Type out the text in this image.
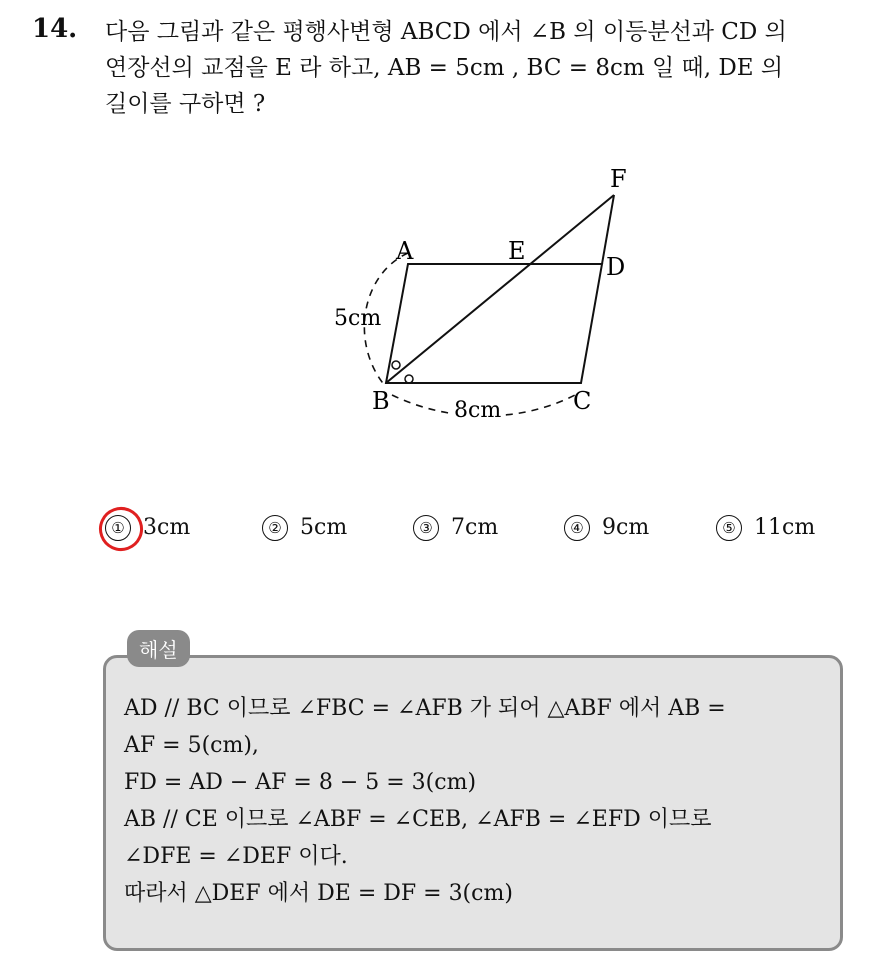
14. 다음 그림과 같은 평행사변형 ABCD 에서 ∠B 의 이등분선과 CD 의
연장선의 교점을 E 라 하고, AB = 5cm , BC = 8cm 일 때, DE 의
길이를 구하면 ?
A	E
D
F
B	C
5cm
8cm
① 3cm	② 5cm	③ 7cm	④ 9cm	⑤ 11cm
해설
AD // BC 이므로 ∠FBC = ∠AFB 가 되어 △ABF 에서 AB =
AF = 5(cm),
FD = AD − AF = 8 − 5 = 3(cm)
AB // CE 이므로 ∠ABF = ∠CEB, ∠AFB = ∠EFD 이므로
∠DFE = ∠DEF 이다.
따라서 △DEF 에서 DE = DF = 3(cm)
